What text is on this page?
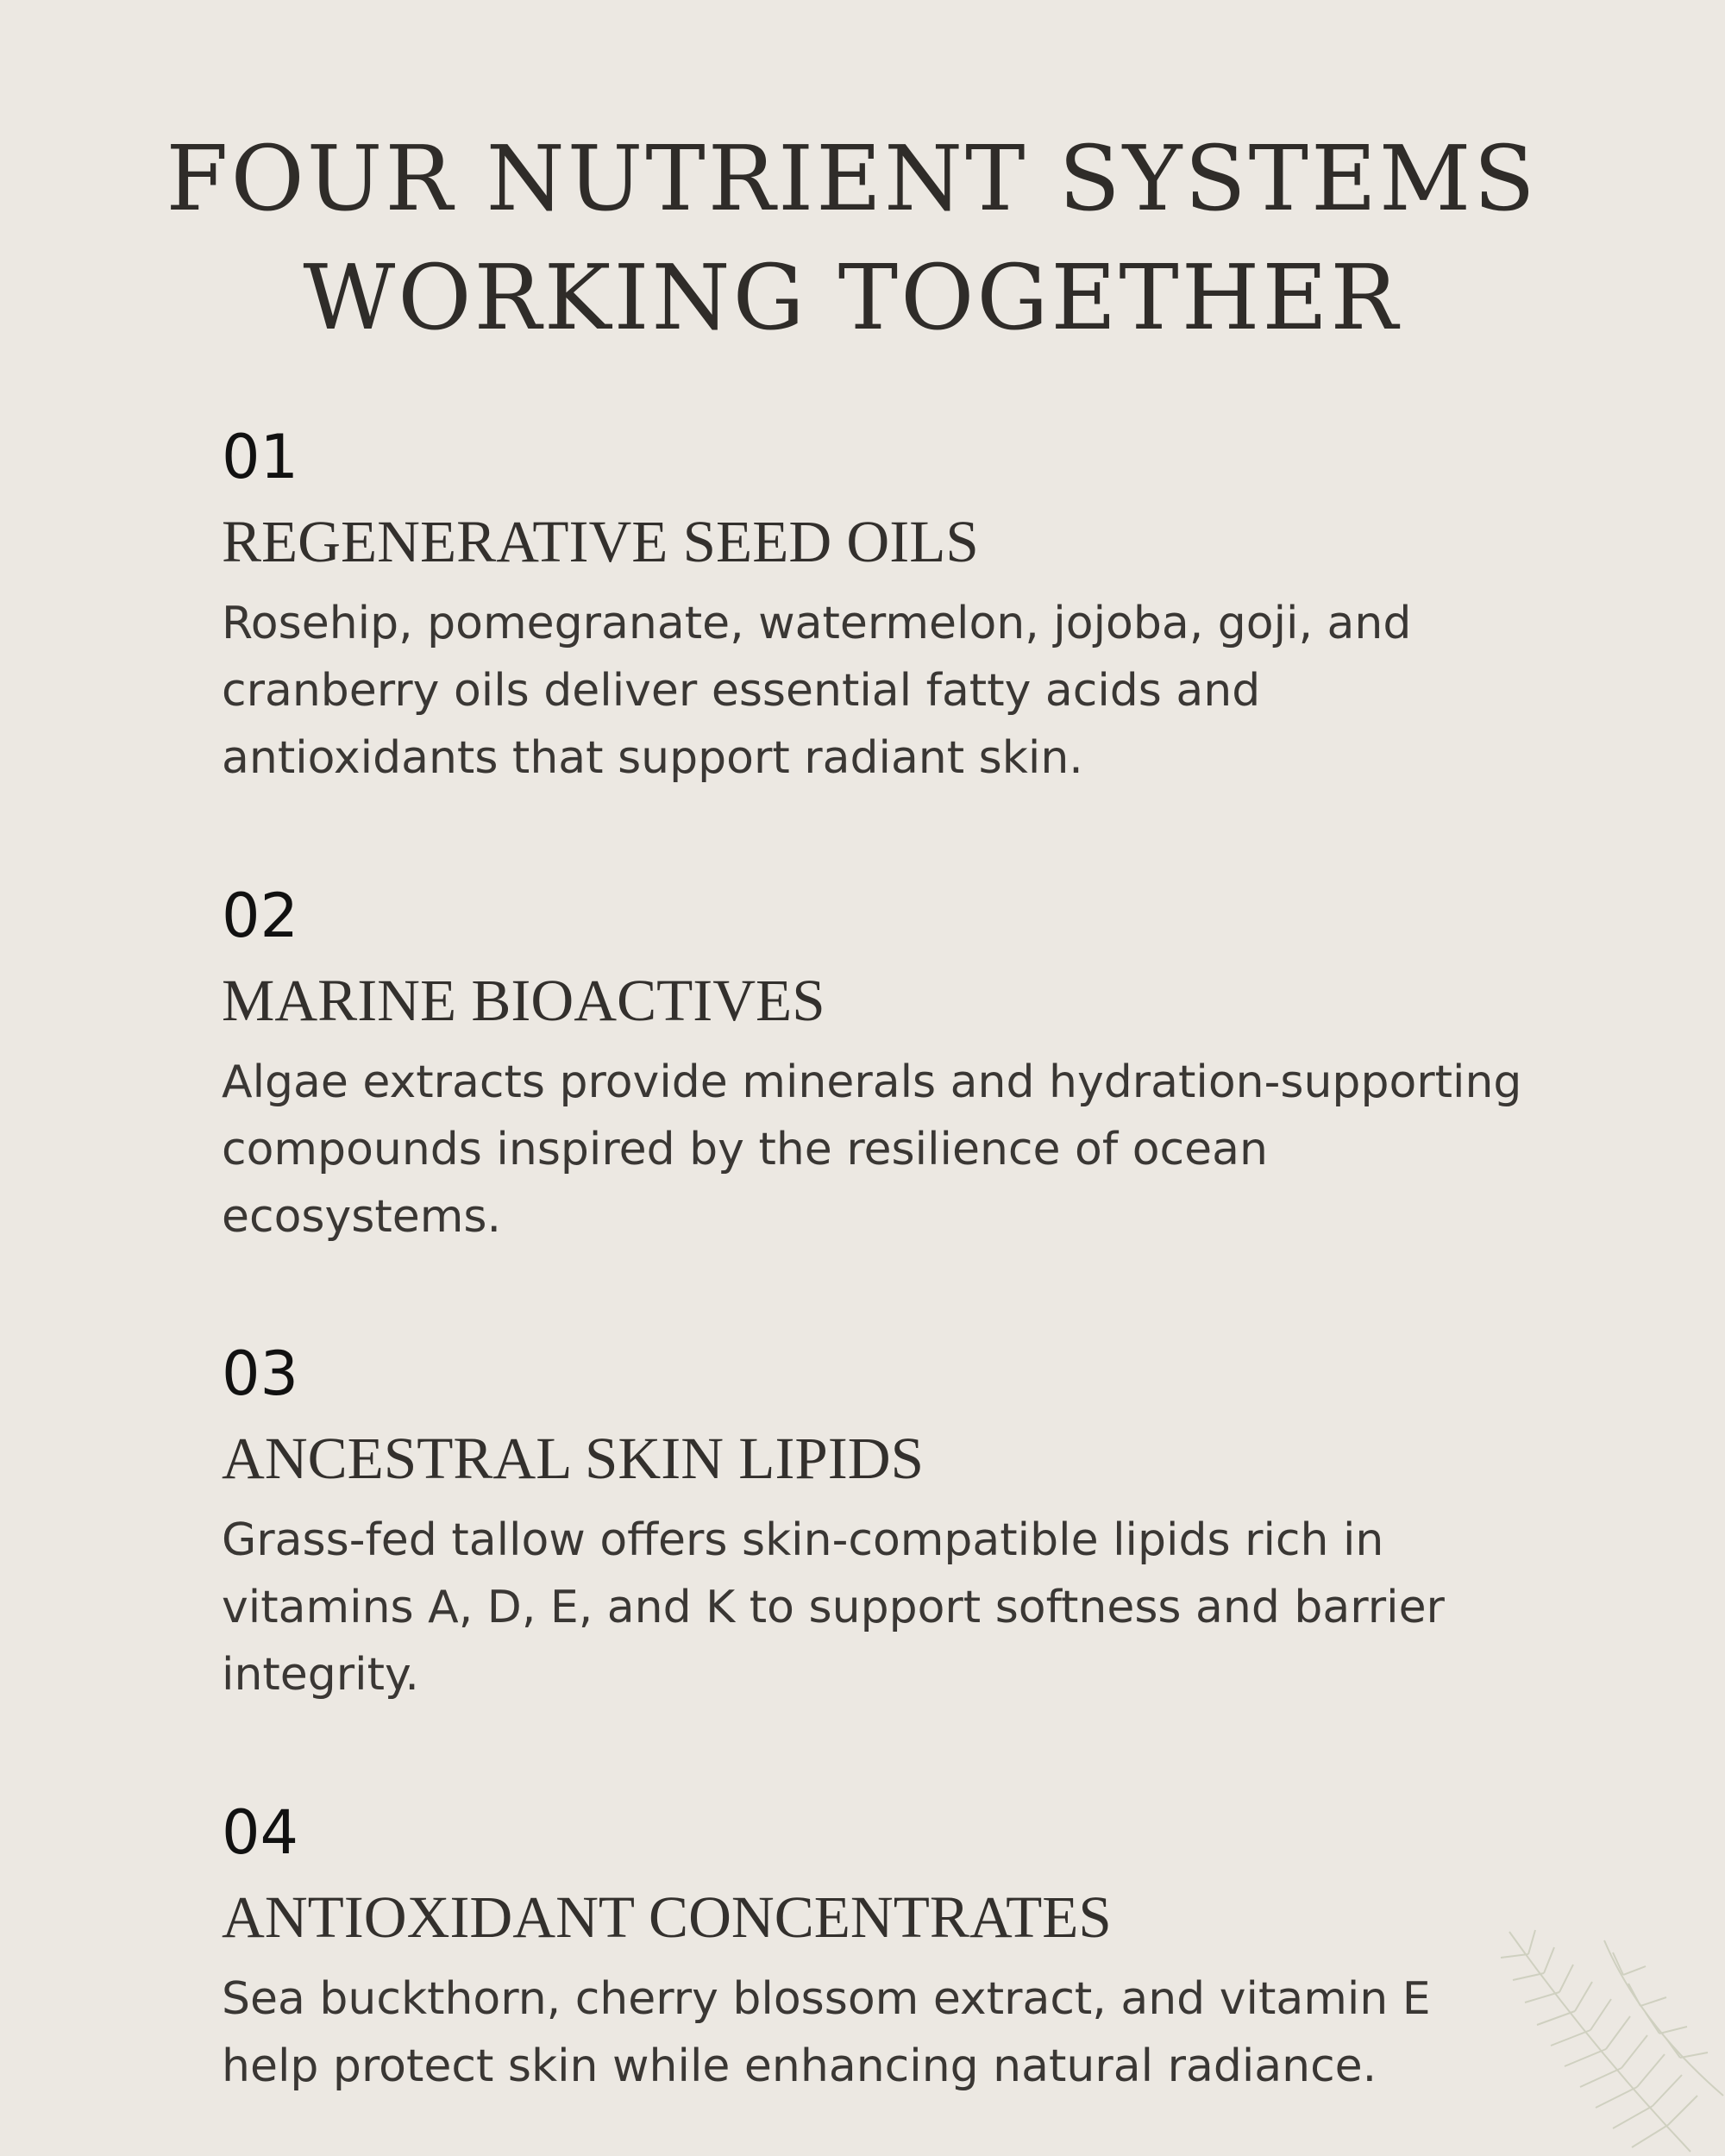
FOUR NUTRIENT SYSTEMS
WORKING TOGETHER
01
REGENERATIVE SEED OILS

Rosehip, pomegranate, watermelon, jojoba, goji, and cranberry oils deliver essential fatty acids and antioxidants that support radiant skin.

02
MARINE BIOACTIVES

Algae extracts provide minerals and hydration-supporting compounds inspired by the resilience of ocean ecosystems.

03
ANCESTRAL SKIN LIPIDS

Grass-fed tallow offers skin-compatible lipids rich in vitamins A, D, E, and K to support softness and barrier integrity.

04
ANTIOXIDANT CONCENTRATES

Sea buckthorn, cherry blossom extract, and vitamin E help protect skin while enhancing natural radiance.
